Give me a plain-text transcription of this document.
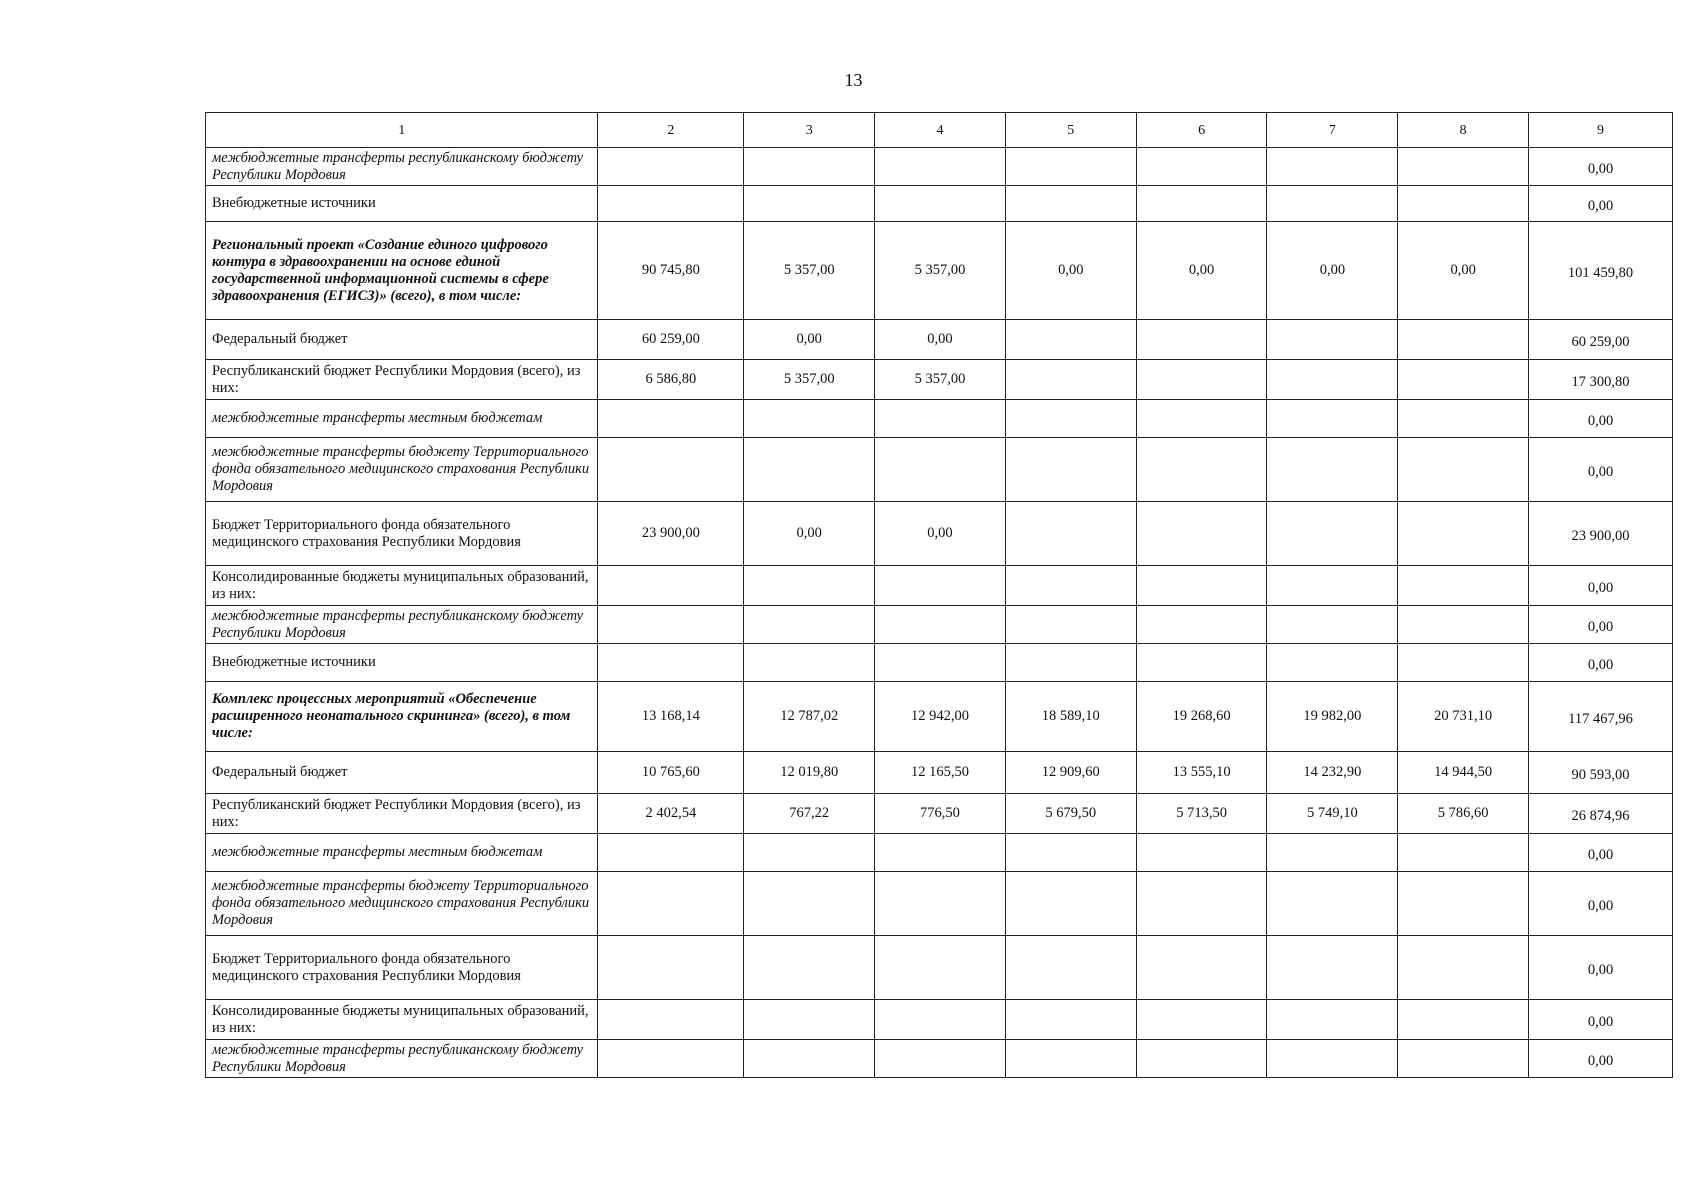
13
1	2	3	4	5	6	7	8	9
межбюджетные трансферты республиканскому бюджету Республики Мордовия								0,00
Внебюджетные источники								0,00
Региональный проект «Создание единого цифрового контура в здравоохранении на основе единой государственной информационной системы в сфере здравоохранения (ЕГИСЗ)» (всего), в том числе:	90 745,80	5 357,00	5 357,00	0,00	0,00	0,00	0,00	101 459,80
Федеральный бюджет	60 259,00	0,00	0,00					60 259,00
Республиканский бюджет Республики Мордовия (всего), из них:	6 586,80	5 357,00	5 357,00					17 300,80
межбюджетные трансферты местным бюджетам								0,00
межбюджетные трансферты бюджету Территориального фонда обязательного медицинского страхования Республики Мордовия								0,00
Бюджет Территориального фонда обязательного медицинского страхования Республики Мордовия	23 900,00	0,00	0,00					23 900,00
Консолидированные бюджеты муниципальных образований, из них:								0,00
межбюджетные трансферты республиканскому бюджету Республики Мордовия								0,00
Внебюджетные источники								0,00
Комплекс процессных мероприятий «Обеспечение расширенного неонатального скрининга» (всего), в том числе:	13 168,14	12 787,02	12 942,00	18 589,10	19 268,60	19 982,00	20 731,10	117 467,96
Федеральный бюджет	10 765,60	12 019,80	12 165,50	12 909,60	13 555,10	14 232,90	14 944,50	90 593,00
Республиканский бюджет Республики Мордовия (всего), из них:	2 402,54	767,22	776,50	5 679,50	5 713,50	5 749,10	5 786,60	26 874,96
межбюджетные трансферты местным бюджетам								0,00
межбюджетные трансферты бюджету Территориального фонда обязательного медицинского страхования Республики Мордовия								0,00
Бюджет Территориального фонда обязательного медицинского страхования Республики Мордовия								0,00
Консолидированные бюджеты муниципальных образований, из них:								0,00
межбюджетные трансферты республиканскому бюджету Республики Мордовия								0,00
